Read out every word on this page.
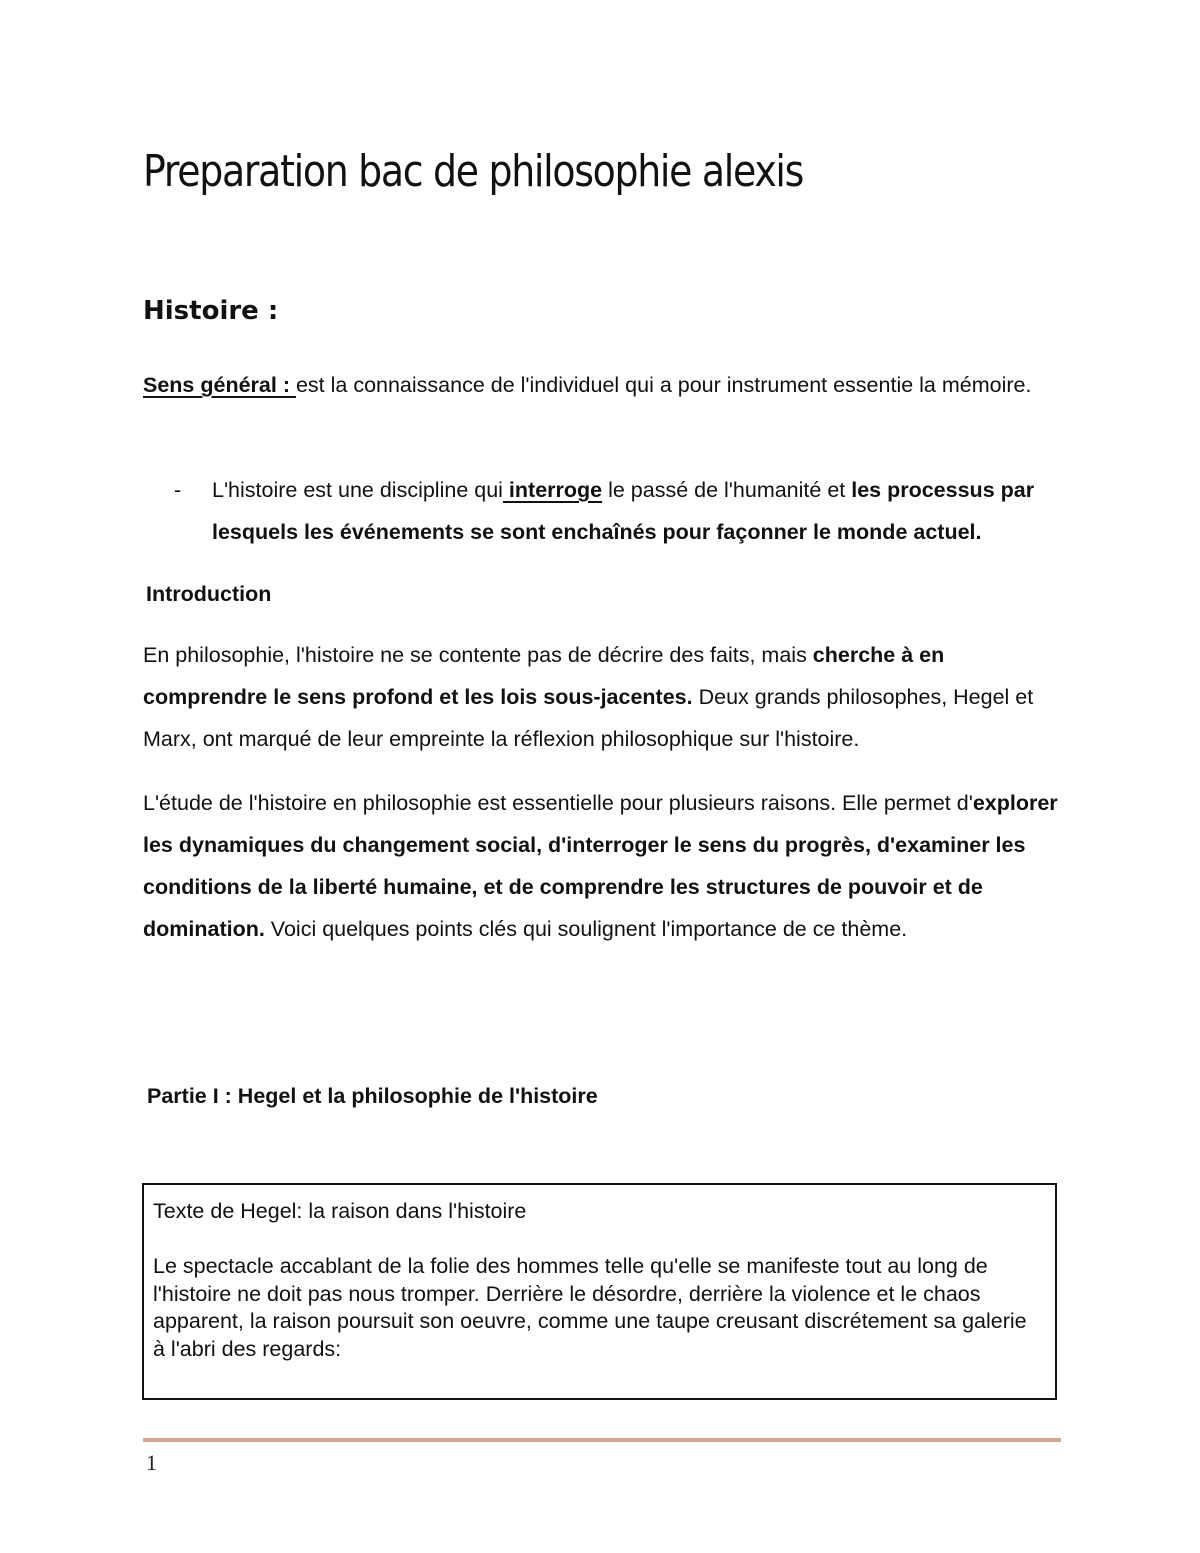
Preparation bac de philosophie alexis
Histoire :

Sens général : est la connaissance de l'individuel qui a pour instrument essentie la mémoire.

- L'histoire est une discipline qui interroge le passé de l'humanité et les processus par lesquels les événements se sont enchaînés pour façonner le monde actuel.
Introduction

En philosophie, l'histoire ne se contente pas de décrire des faits, mais cherche à en comprendre le sens profond et les lois sous-jacentes. Deux grands philosophes, Hegel et Marx, ont marqué de leur empreinte la réflexion philosophique sur l'histoire.

L'étude de l'histoire en philosophie est essentielle pour plusieurs raisons. Elle permet d'explorer les dynamiques du changement social, d'interroger le sens du progrès, d'examiner les conditions de la liberté humaine, et de comprendre les structures de pouvoir et de domination. Voici quelques points clés qui soulignent l'importance de ce thème.

Partie I : Hegel et la philosophie de l'histoire

Texte de Hegel: la raison dans l'histoire

Le spectacle accablant de la folie des hommes telle qu'elle se manifeste tout au long de l'histoire ne doit pas nous tromper. Derrière le désordre, derrière la violence et le chaos apparent, la raison poursuit son oeuvre, comme une taupe creusant discrétement sa galerie à l'abri des regards:

1
